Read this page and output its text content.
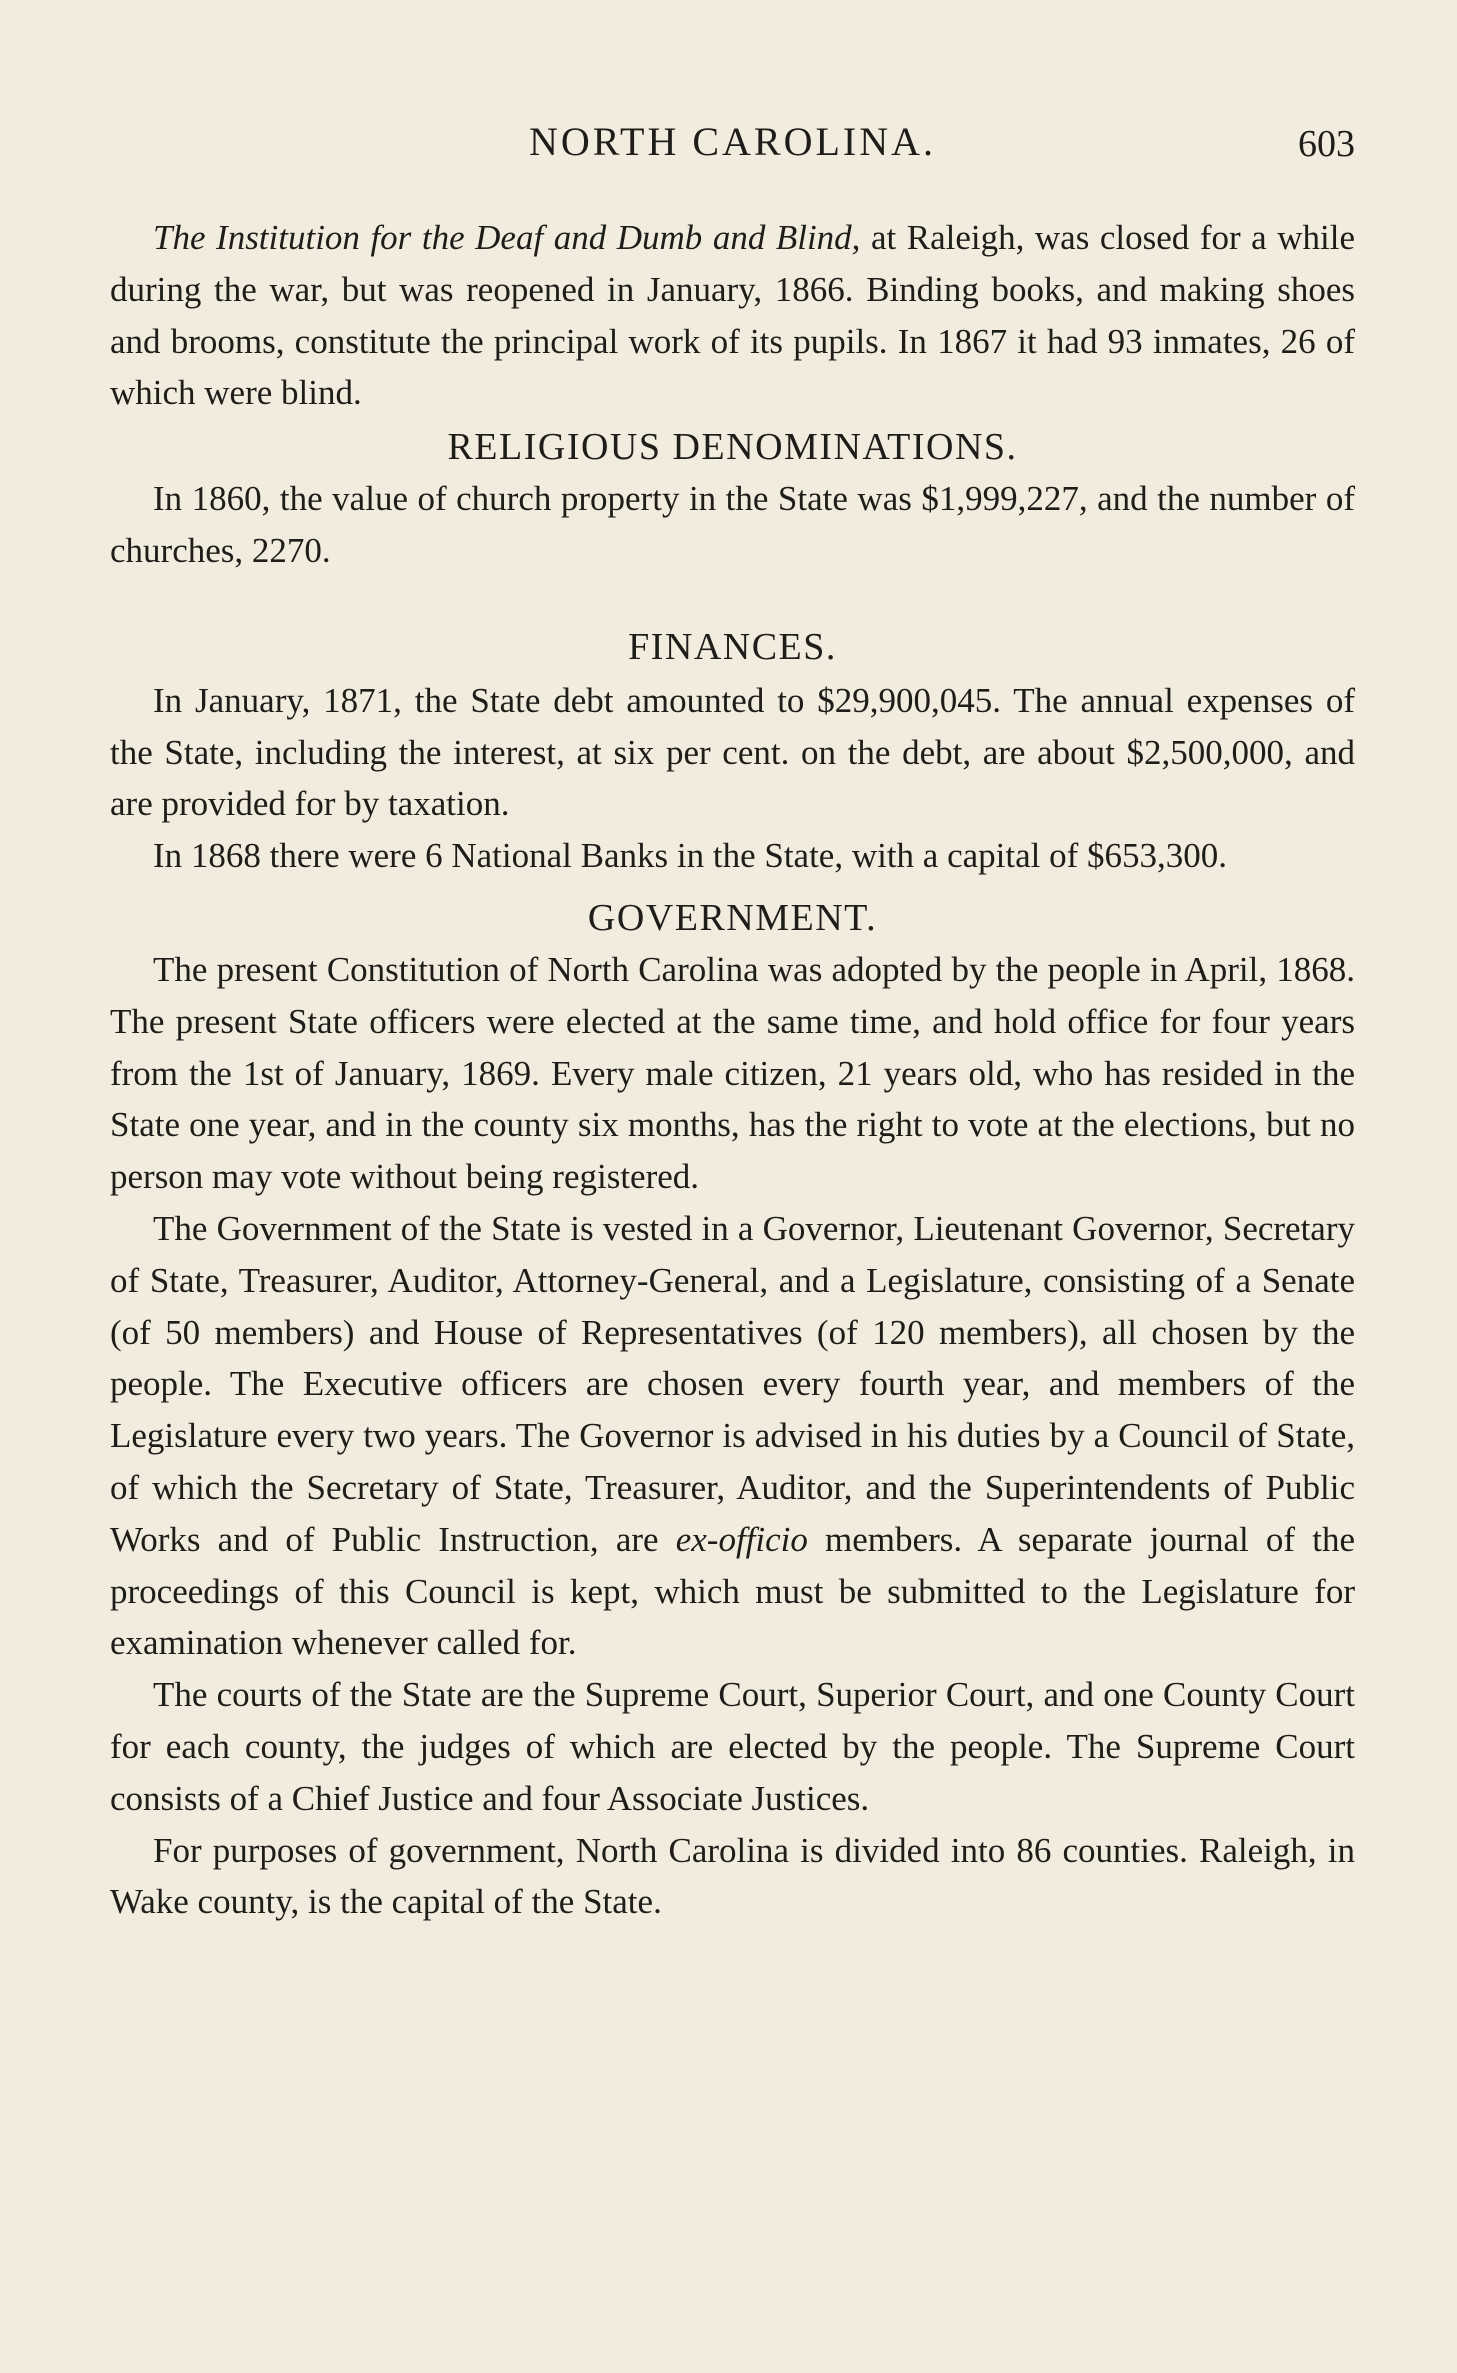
NORTH CAROLINA.	603

The Institution for the Deaf and Dumb and Blind, at Raleigh, was closed for a while during the war, but was reopened in January, 1866. Binding books, and making shoes and brooms, constitute the principal work of its pupils. In 1867 it had 93 inmates, 26 of which were blind.

RELIGIOUS DENOMINATIONS.

In 1860, the value of church property in the State was $1,999,227, and the number of churches, 2270.

FINANCES.

In January, 1871, the State debt amounted to $29,900,045. The annual expenses of the State, including the interest, at six per cent. on the debt, are about $2,500,000, and are provided for by taxation.

In 1868 there were 6 National Banks in the State, with a capital of $653,300.

GOVERNMENT.

The present Constitution of North Carolina was adopted by the people in April, 1868. The present State officers were elected at the same time, and hold office for four years from the 1st of January, 1869. Every male citizen, 21 years old, who has resided in the State one year, and in the county six months, has the right to vote at the elections, but no person may vote without being registered.

The Government of the State is vested in a Governor, Lieutenant Governor, Secretary of State, Treasurer, Auditor, Attorney-General, and a Legislature, consisting of a Senate (of 50 members) and House of Representatives (of 120 members), all chosen by the people. The Executive officers are chosen every fourth year, and members of the Legislature every two years. The Governor is advised in his duties by a Council of State, of which the Secretary of State, Treasurer, Auditor, and the Superintendents of Public Works and of Public Instruction, are ex-officio members. A separate journal of the proceedings of this Council is kept, which must be submitted to the Legislature for examination whenever called for.

The courts of the State are the Supreme Court, Superior Court, and one County Court for each county, the judges of which are elected by the people. The Supreme Court consists of a Chief Justice and four Associate Justices.

For purposes of government, North Carolina is divided into 86 counties. Raleigh, in Wake county, is the capital of the State.
